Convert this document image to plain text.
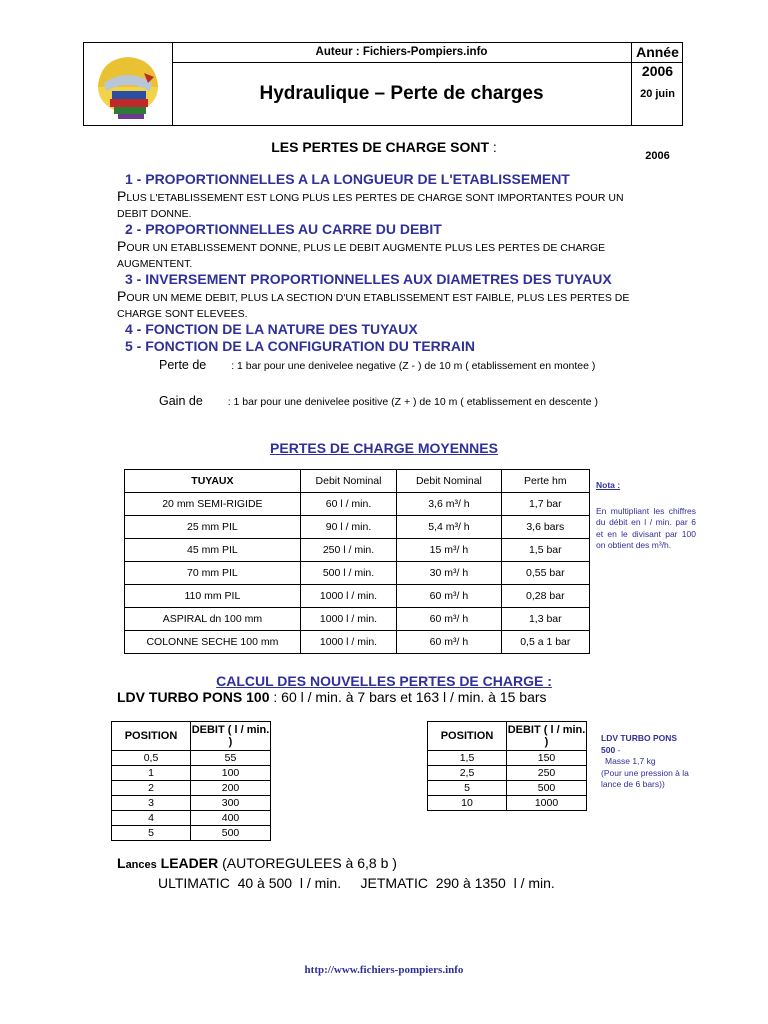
Auteur : Fichiers-Pompiers.info	Année 2006
Hydraulique – Perte de charges	20 juin 2006
LES PERTES DE CHARGE SONT :
1 - PROPORTIONNELLES A LA LONGUEUR DE L'ETABLISSEMENT
PLUS L'ETABLISSEMENT EST LONG PLUS LES PERTES DE CHARGE SONT IMPORTANTES POUR UN DEBIT DONNE.
2 - PROPORTIONNELLES AU CARRE DU DEBIT
POUR UN ETABLISSEMENT DONNE, PLUS LE DEBIT AUGMENTE PLUS LES PERTES DE CHARGE AUGMENTENT.
3 - INVERSEMENT PROPORTIONNELLES AUX DIAMETRES DES TUYAUX
POUR UN MEME DEBIT, PLUS LA SECTION D'UN ETABLISSEMENT EST FAIBLE, PLUS LES PERTES DE CHARGE SONT ELEVEES.
4 - FONCTION DE LA NATURE DES TUYAUX
5 - FONCTION DE LA CONFIGURATION DU TERRAIN
Perte de : 1 bar pour une denivelee negative (Z - ) de 10 m ( etablissement en montee )
Gain de : 1 bar pour une denivelee positive (Z + ) de 10 m ( etablissement en descente )
PERTES DE CHARGE MOYENNES
TUYAUX	Debit Nominal	Debit Nominal	Perte hm
20 mm SEMI-RIGIDE	60 l / min.	3,6 m³/ h	1,7 bar
25 mm PIL	90 l / min.	5,4 m³/ h	3,6 bars
45 mm PIL	250 l / min.	15 m³/ h	1,5 bar
70 mm PIL	500 l / min.	30 m³/ h	0,55 bar
110 mm PIL	1000 l / min.	60 m³/ h	0,28 bar
ASPIRAL dn 100 mm	1000 l / min.	60 m³/ h	1,3 bar
COLONNE SECHE 100 mm	1000 l / min.	60 m³/ h	0,5 a 1 bar
Nota :
En multipliant les chiffres du débit en l / min. par 6 et en le divisant par 100 on obtient des m³/h.
CALCUL DES NOUVELLES PERTES DE CHARGE :
LDV TURBO PONS 100 : 60 l / min. à 7 bars et 163 l / min. à 15 bars
POSITION	DEBIT ( l / min. )
0,5	55
1	100
2	200
3	300
4	400
5	500
POSITION	DEBIT ( l / min. )
1,5	150
2,5	250
5	500
10	1000
LDV TURBO PONS 500 -
Masse 1,7 kg
(Pour une pression à la lance de 6 bars))
Lances LEADER (AUTOREGULEES à 6,8 b )
ULTIMATIC  40 à 500  l / min.     JETMATIC  290 à 1350  l / min.
http://www.fichiers-pompiers.info
